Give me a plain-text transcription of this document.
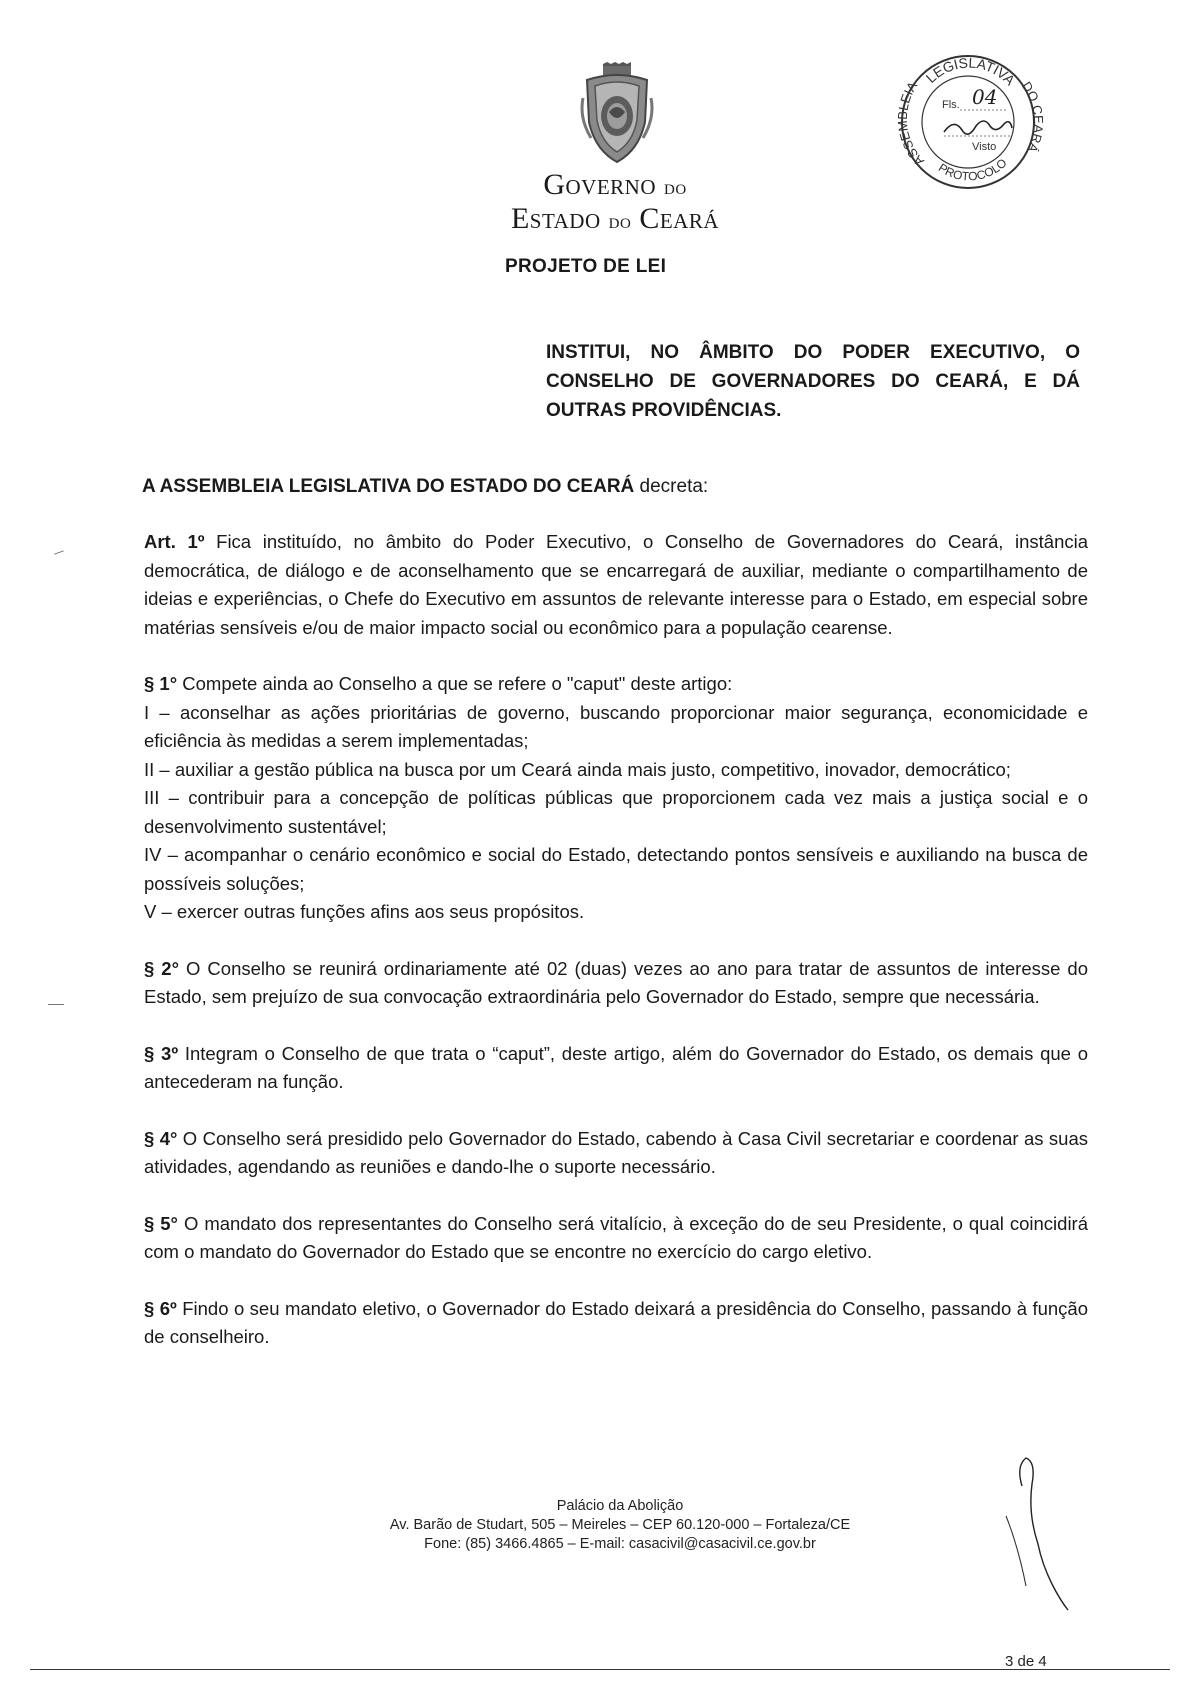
Governo do
Estado do Ceará
PROJETO DE LEI
LEGISLATIVA
ASSEMBLEIA	DO CEARÁ
PROTOCOLO
Fls. 04
Visto
INSTITUI, NO ÂMBITO DO PODER EXECUTIVO, O CONSELHO DE GOVERNADORES DO CEARÁ, E DÁ OUTRAS PROVIDÊNCIAS.
A ASSEMBLEIA LEGISLATIVA DO ESTADO DO CEARÁ decreta:

Art. 1º Fica instituído, no âmbito do Poder Executivo, o Conselho de Governadores do Ceará, instância democrática, de diálogo e de aconselhamento que se encarregará de auxiliar, mediante o compartilhamento de ideias e experiências, o Chefe do Executivo em assuntos de relevante interesse para o Estado, em especial sobre matérias sensíveis e/ou de maior impacto social ou econômico para a população cearense.

§ 1° Compete ainda ao Conselho a que se refere o "caput" deste artigo:

I – aconselhar as ações prioritárias de governo, buscando proporcionar maior segurança, economicidade e eficiência às medidas a serem implementadas;

II – auxiliar a gestão pública na busca por um Ceará ainda mais justo, competitivo, inovador, democrático;

III – contribuir para a concepção de políticas públicas que proporcionem cada vez mais a justiça social e o desenvolvimento sustentável;

IV – acompanhar o cenário econômico e social do Estado, detectando pontos sensíveis e auxiliando na busca de possíveis soluções;

V – exercer outras funções afins aos seus propósitos.

§ 2° O Conselho se reunirá ordinariamente até 02 (duas) vezes ao ano para tratar de assuntos de interesse do Estado, sem prejuízo de sua convocação extraordinária pelo Governador do Estado, sempre que necessária.

§ 3º Integram o Conselho de que trata o “caput”, deste artigo, além do Governador do Estado, os demais que o antecederam na função.

§ 4° O Conselho será presidido pelo Governador do Estado, cabendo à Casa Civil secretariar e coordenar as suas atividades, agendando as reuniões e dando-lhe o suporte necessário.

§ 5° O mandato dos representantes do Conselho será vitalício, à exceção do de seu Presidente, o qual coincidirá com o mandato do Governador do Estado que se encontre no exercício do cargo eletivo.

§ 6º Findo o seu mandato eletivo, o Governador do Estado deixará a presidência do Conselho, passando à função de conselheiro.

Palácio da Abolição
Av. Barão de Studart, 505 – Meireles – CEP 60.120-000 – Fortaleza/CE
Fone: (85) 3466.4865 – E-mail: casacivil@casacivil.ce.gov.br
3 de 4
